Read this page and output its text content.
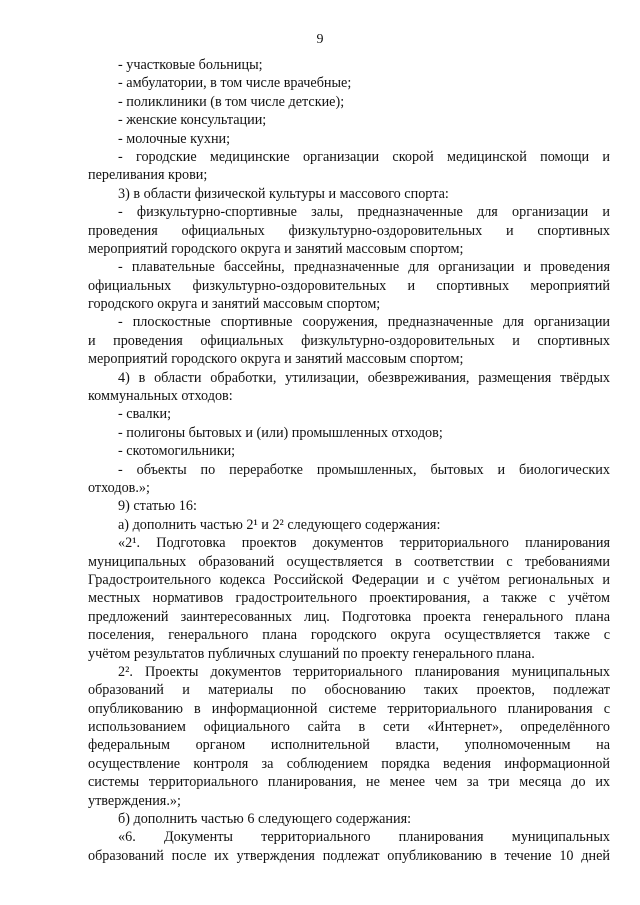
9
- участковые больницы;
- амбулатории, в том числе врачебные;
- поликлиники (в том числе детские);
- женские консультации;
- молочные кухни;
- городские медицинские организации скорой медицинской помощи и
переливания крови;
3) в области физической культуры и массового спорта:
- физкультурно-спортивные залы, предназначенные для организации и
проведения официальных физкультурно-оздоровительных и спортивных
мероприятий городского округа и занятий массовым спортом;
- плавательные бассейны, предназначенные для организации и проведения
официальных физкультурно-оздоровительных и спортивных мероприятий
городского округа и занятий массовым спортом;
- плоскостные спортивные сооружения, предназначенные для организации
и проведения официальных физкультурно-оздоровительных и спортивных
мероприятий городского округа и занятий массовым спортом;
4) в области обработки, утилизации, обезвреживания, размещения твёрдых
коммунальных отходов:
- свалки;
- полигоны бытовых и (или) промышленных отходов;
- скотомогильники;
- объекты по переработке промышленных, бытовых и биологических
отходов.»;
9) статью 16:
а) дополнить частью 2¹ и 2² следующего содержания:
«2¹. Подготовка проектов документов территориального планирования
муниципальных образований осуществляется в соответствии с требованиями
Градостроительного кодекса Российской Федерации и с учётом региональных и
местных нормативов градостроительного проектирования, а также с учётом
предложений заинтересованных лиц. Подготовка проекта генерального плана
поселения, генерального плана городского округа осуществляется также с
учётом результатов публичных слушаний по проекту генерального плана.
2². Проекты документов территориального планирования муниципальных
образований и материалы по обоснованию таких проектов, подлежат
опубликованию в информационной системе территориального планирования с
использованием официального сайта в сети «Интернет», определённого
федеральным органом исполнительной власти, уполномоченным на
осуществление контроля за соблюдением порядка ведения информационной
системы территориального планирования, не менее чем за три месяца до их
утверждения.»;
б) дополнить частью 6 следующего содержания:
«6. Документы территориального планирования муниципальных
образований после их утверждения подлежат опубликованию в течение 10 дней
